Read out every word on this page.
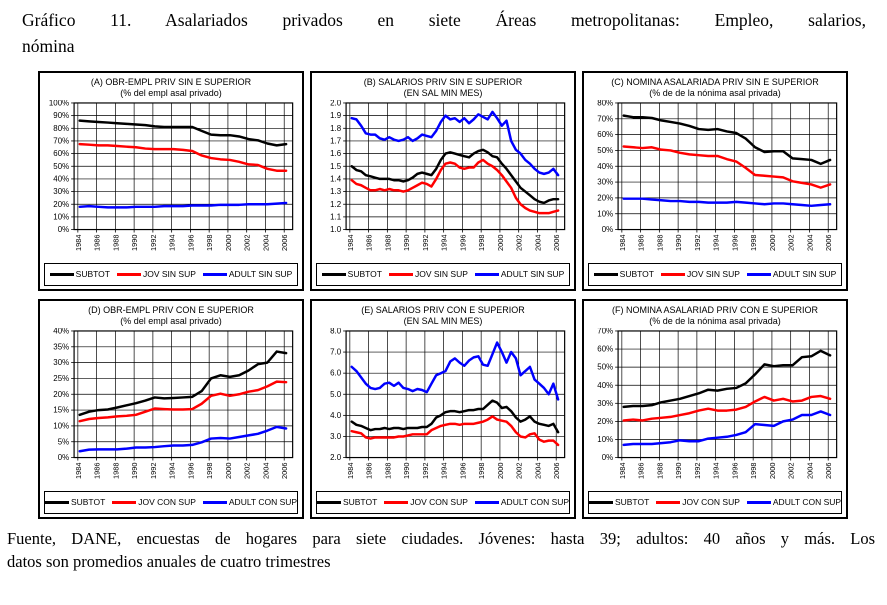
Gráfico 11. Asalariados privados en siete Áreas metropolitanas: Empleo, salarios,
nómina
(A) OBR-EMPL PRIV SIN E SUPERIOR
(% del empl asal privado)
1984 1986 1988 1990 1992 1994 1996 1998 2000 2002 2004 2006
0%
10%
20%
30%
40%
50%
60%
70%
80%
90%
100%
SUBTOT	JOV SIN SUP	ADULT SIN SUP
(B) SALARIOS PRIV SIN E SUPERIOR
(EN SAL MIN MES)
1984 1986 1988 1990 1992 1994 1996 1998 2000 2002 2004 2006
1.0
1.1
1.2
1.3
1.4
1.5
1.6
1.7
1.8
1.9
2.0
SUBTOT	JOV SIN SUP	ADULT SIN SUP
(C) NOMINA ASALARIADA PRIV SIN E SUPERIOR
(% de de la nónima asal privada)
1984 1986 1988 1990 1992 1994 1996 1998 2000 2002 2004 2006
0%
10%
20%
30%
40%
50%
60%
70%
80%
SUBTOT	JOV SIN SUP	ADULT SIN SUP
(D) OBR-EMPL PRIV CON E SUPERIOR
(% del empl asal privado)
1984 1986 1988 1990 1992 1994 1996 1998 2000 2002 2004 2006
0%
5%
10%
15%
20%
25%
30%
35%
40%
SUBTOT	JOV CON SUP	ADULT CON SUP
(E) SALARIOS PRIV CON E SUPERIOR
(EN SAL MIN MES)
1984 1986 1988 1990 1992 1994 1996 1998 2000 2002 2004 2006
2.0
3.0
4.0
5.0
6.0
7.0
8.0
SUBTOT	JOV CON SUP	ADULT CON SUP
(F) NOMINA ASALARIAD PRIV CON E SUPERIOR
(% de de la nónima asal privada)
1984 1986 1988 1990 1992 1994 1996 1998 2000 2002 2004 2006
0%
10%
20%
30%
40%
50%
60%
70%
SUBTOT	JOV CON SUP	ADULT CON SUP
Fuente, DANE, encuestas de hogares para siete ciudades. Jóvenes: hasta 39; adultos: 40 años y más. Los
datos son promedios anuales de cuatro trimestres
